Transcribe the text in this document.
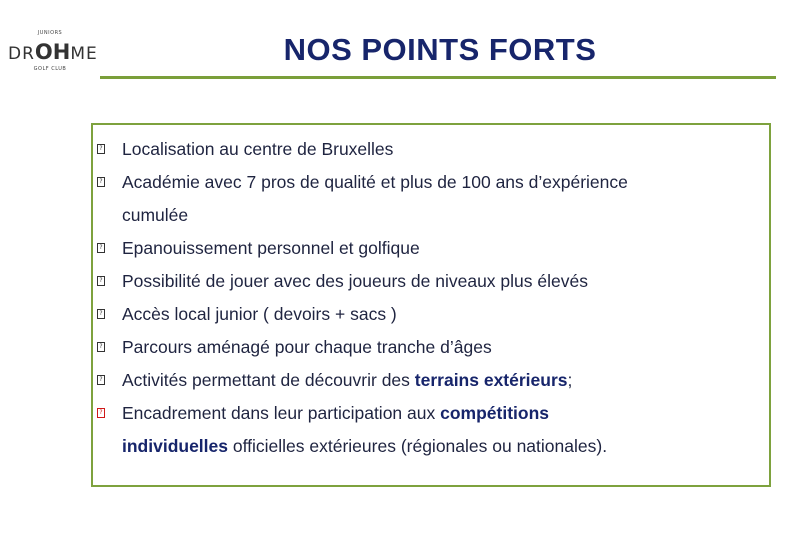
JUNIORS
DROHME
GOLF CLUB
NOS POINTS FORTS
? Localisation au centre de Bruxelles
? Académie avec 7 pros de qualité et plus de 100 ans d’expérience
cumulée
? Epanouissement personnel et golfique
? Possibilité de jouer avec des joueurs de niveaux plus élevés
? Accès local junior ( devoirs + sacs )
? Parcours aménagé pour chaque tranche d’âges
? Activités permettant de découvrir des terrains extérieurs;
? Encadrement dans leur participation aux compétitions
individuelles officielles extérieures (régionales ou nationales).
